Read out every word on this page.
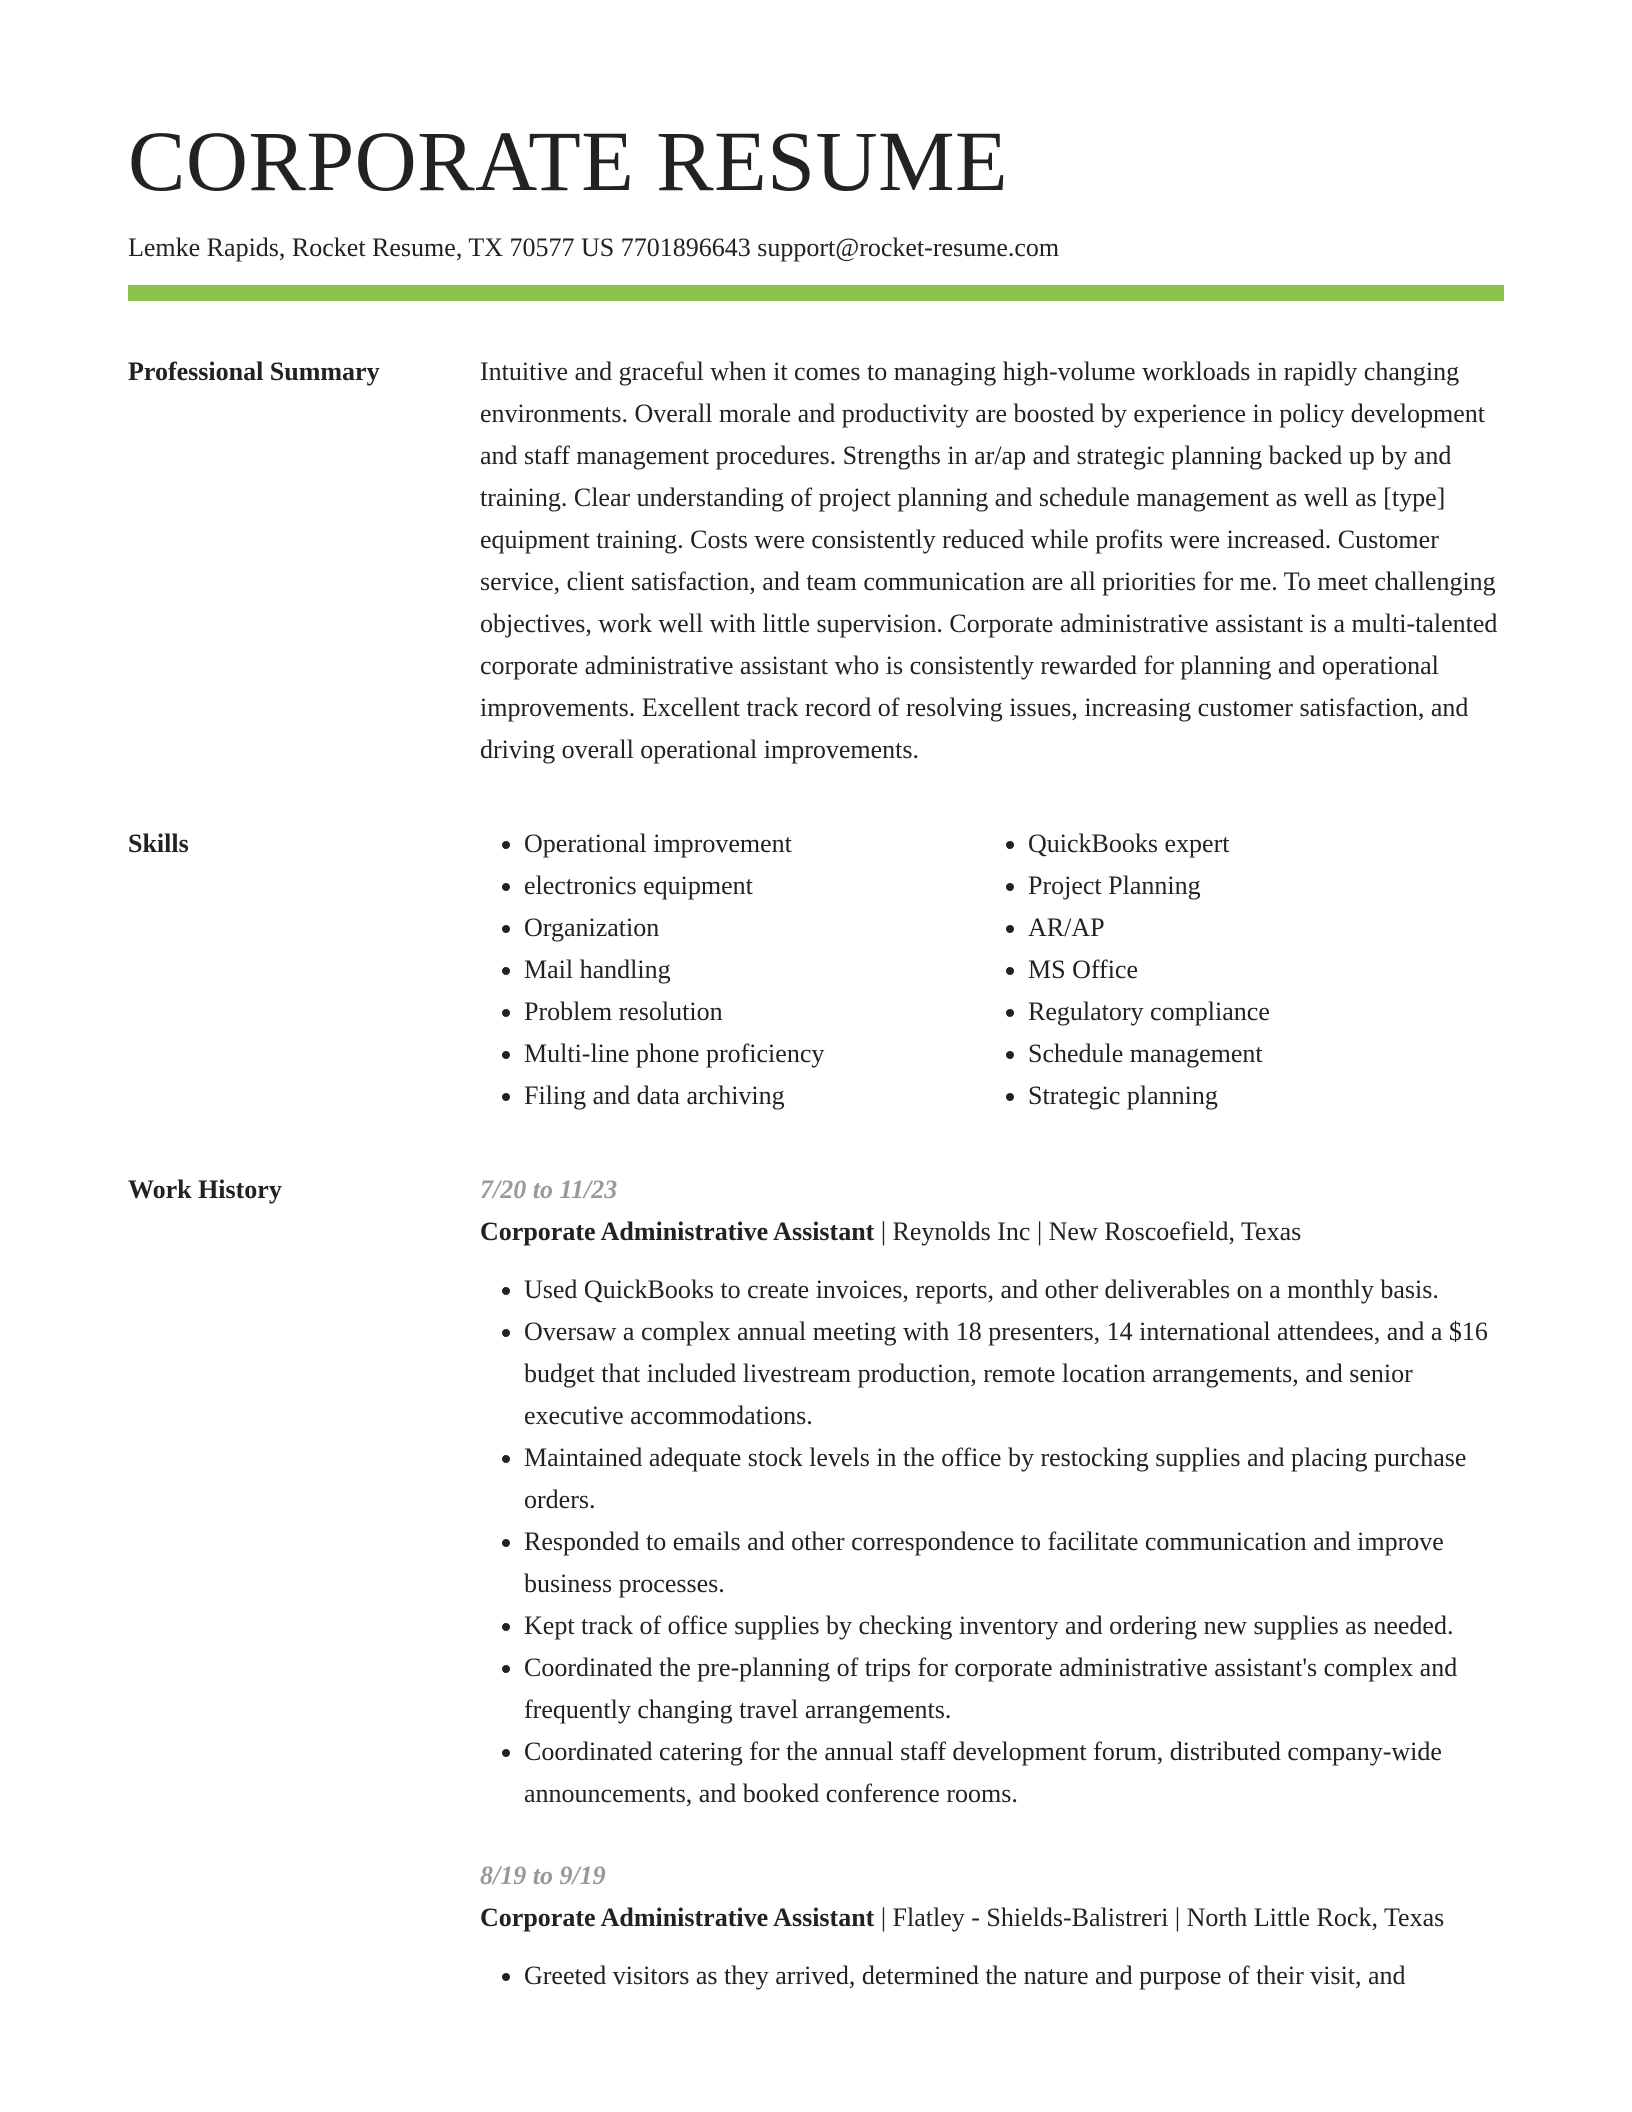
CORPORATE RESUME
Lemke Rapids, Rocket Resume, TX 70577 US 7701896643 support@rocket-resume.com
Professional Summary	Intuitive and graceful when it comes to managing high-volume workloads in rapidly changing environments. Overall morale and productivity are boosted by experience in policy development and staff management procedures. Strengths in ar/ap and strategic planning backed up by and training. Clear understanding of project planning and schedule management as well as [type] equipment training. Costs were consistently reduced while profits were increased. Customer service, client satisfaction, and team communication are all priorities for me. To meet challenging objectives, work well with little supervision. Corporate administrative assistant is a multi-talented corporate administrative assistant who is consistently rewarded for planning and operational improvements. Excellent track record of resolving issues, increasing customer satisfaction, and driving overall operational improvements.

Skills
•	Operational improvement
• electronics equipment
• Organization
• Mail handling
• Problem resolution
• Multi-line phone proficiency
• Filing and data archiving
• QuickBooks expert
• Project Planning
• AR/AP
• MS Office
• Regulatory compliance
• Schedule management
• Strategic planning
Work History	7/20 to 11/23
Corporate Administrative Assistant | Reynolds Inc | New Roscoefield, Texas
• Used QuickBooks to create invoices, reports, and other deliverables on a monthly basis.
• Oversaw a complex annual meeting with 18 presenters, 14 international attendees, and a $16 budget that included livestream production, remote location arrangements, and senior executive accommodations.
• Maintained adequate stock levels in the office by restocking supplies and placing purchase orders.
• Responded to emails and other correspondence to facilitate communication and improve business processes.
• Kept track of office supplies by checking inventory and ordering new supplies as needed.
• Coordinated the pre-planning of trips for corporate administrative assistant's complex and frequently changing travel arrangements.
• Coordinated catering for the annual staff development forum, distributed company-wide announcements, and booked conference rooms.
8/19 to 9/19
Corporate Administrative Assistant | Flatley - Shields-Balistreri | North Little Rock, Texas
• Greeted visitors as they arrived, determined the nature and purpose of their visit, and
